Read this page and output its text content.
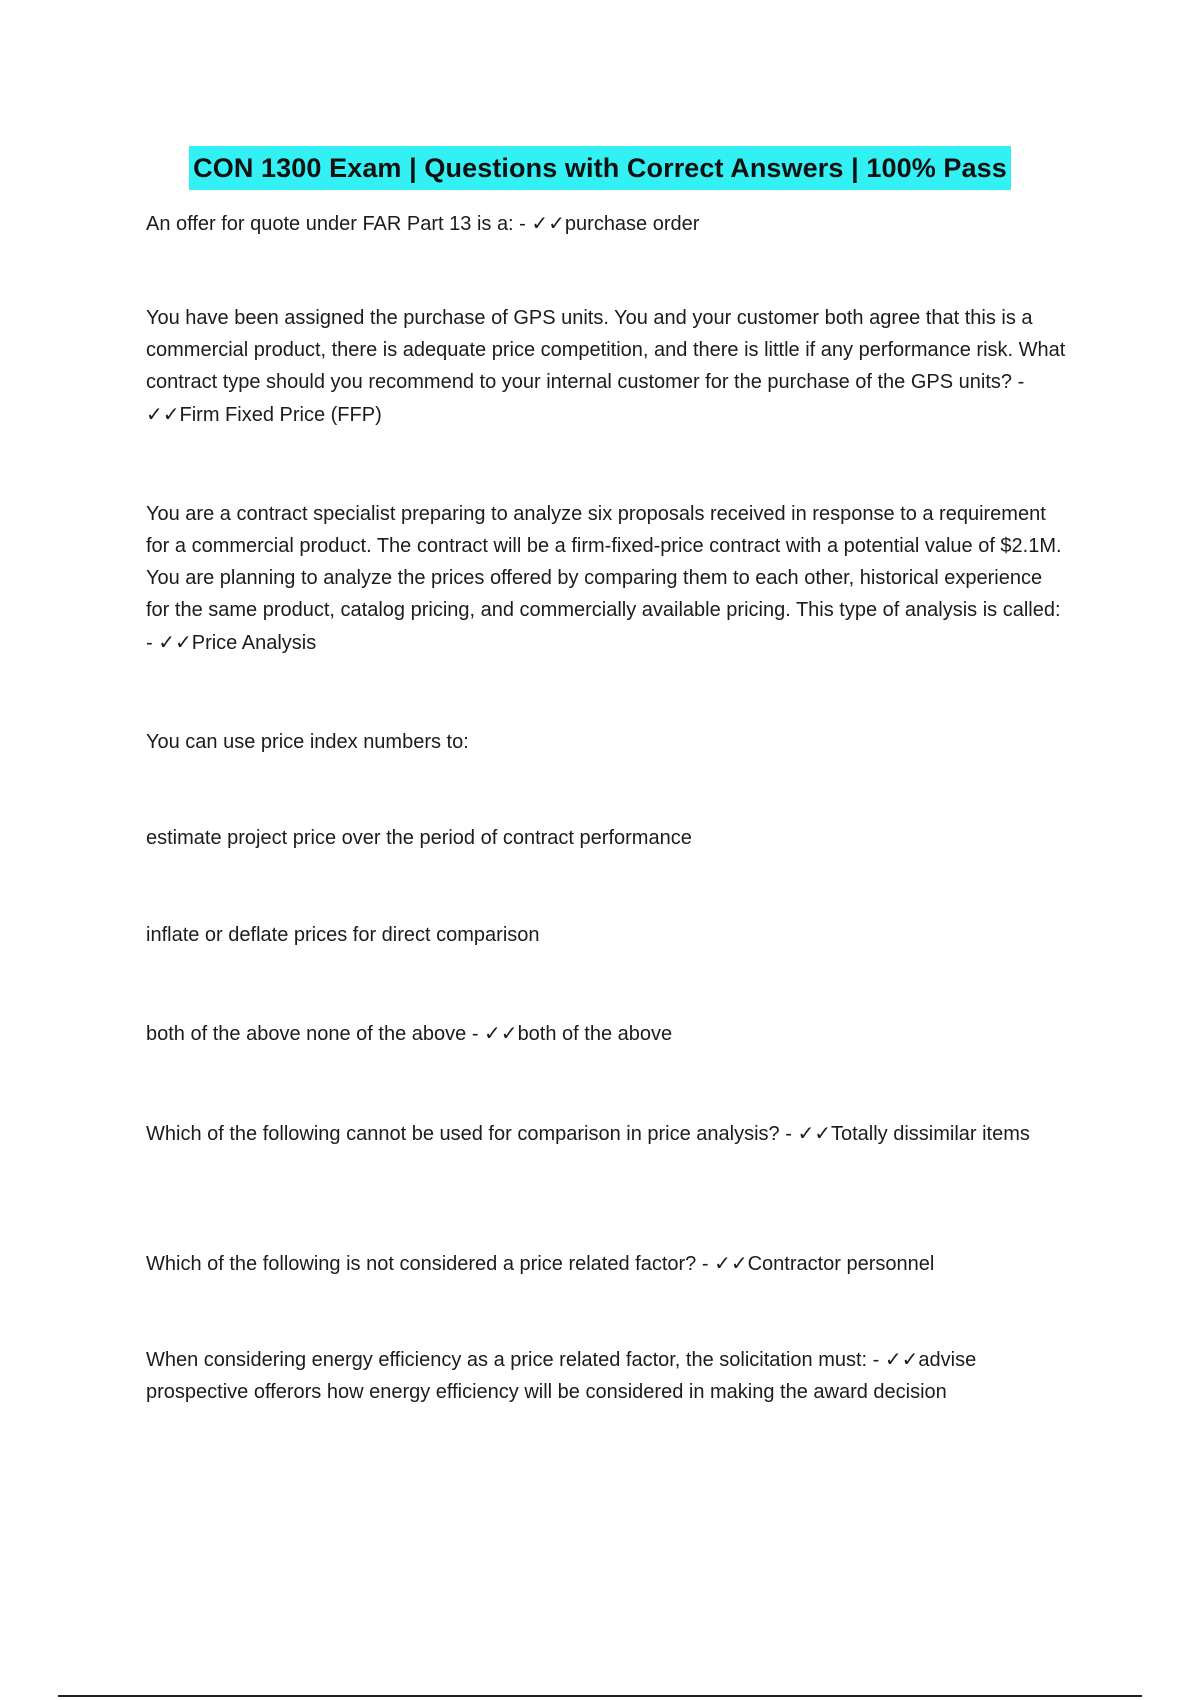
CON 1300 Exam | Questions with Correct Answers | 100% Pass

An offer for quote under FAR Part 13 is a: - ✓✓purchase order

You have been assigned the purchase of GPS units. You and your customer both agree that this is a commercial product, there is adequate price competition, and there is little if any performance risk. What contract type should you recommend to your internal customer for the purchase of the GPS units? - ✓✓Firm Fixed Price (FFP)

You are a contract specialist preparing to analyze six proposals received in response to a requirement for a commercial product. The contract will be a firm-fixed-price contract with a potential value of $2.1M. You are planning to analyze the prices offered by comparing them to each other, historical experience for the same product, catalog pricing, and commercially available pricing. This type of analysis is called: - ✓✓Price Analysis

You can use price index numbers to:

estimate project price over the period of contract performance

inflate or deflate prices for direct comparison

both of the above none of the above - ✓✓both of the above

Which of the following cannot be used for comparison in price analysis? - ✓✓Totally dissimilar items

Which of the following is not considered a price related factor? - ✓✓Contractor personnel

When considering energy efficiency as a price related factor, the solicitation must: - ✓✓advise prospective offerors how energy efficiency will be considered in making the award decision
